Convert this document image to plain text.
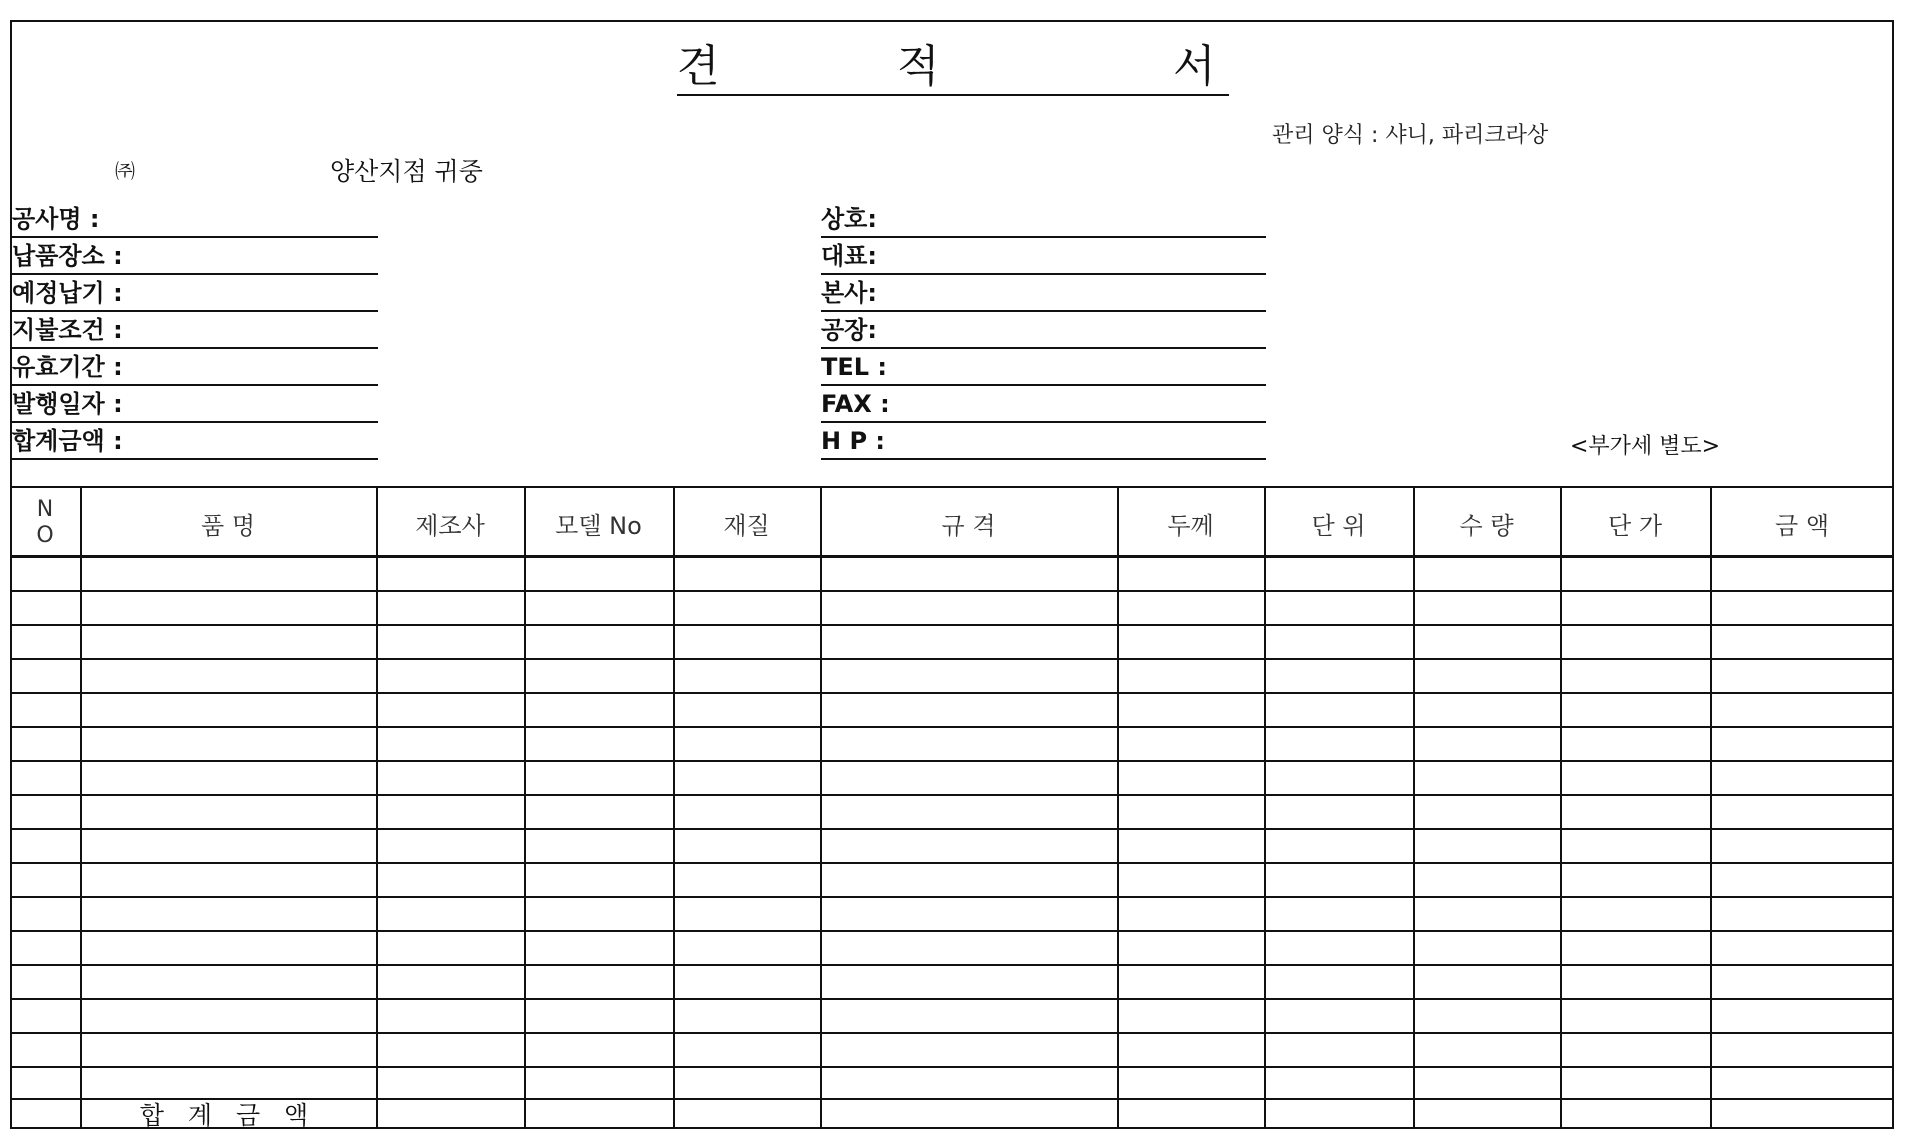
견	적	서
관리 양식 : 샤니, 파리크라상
㈜	양산지점 귀중
공사명 :
납품장소 :
예정납기 :
지불조건 :
유효기간 :
발행일자 :
합계금액 :
상호:
대표:
본사:
공장:
TEL :
FAX :
H P :	<부가세 별도>
N
O	품 명	제조사	모델 No	재질	규 격	두께	단 위	수 량	단 가	금 액
합 계 금 액
